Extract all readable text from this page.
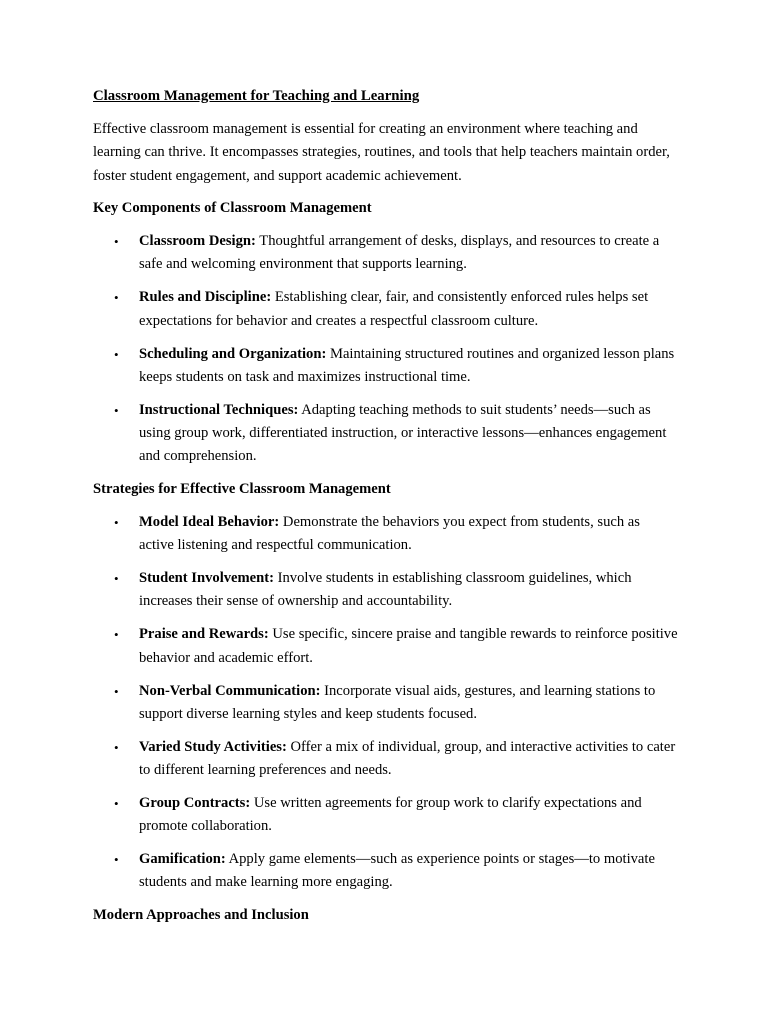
Classroom Management for Teaching and Learning

Effective classroom management is essential for creating an environment where teaching and learning can thrive. It encompasses strategies, routines, and tools that help teachers maintain order, foster student engagement, and support academic achievement.

Key Components of Classroom Management
• Classroom Design: Thoughtful arrangement of desks, displays, and resources to create a safe and welcoming environment that supports learning.
• Rules and Discipline: Establishing clear, fair, and consistently enforced rules helps set expectations for behavior and creates a respectful classroom culture.
• Scheduling and Organization: Maintaining structured routines and organized lesson plans keeps students on task and maximizes instructional time.
• Instructional Techniques: Adapting teaching methods to suit students’ needs—such as using group work, differentiated instruction, or interactive lessons—enhances engagement and comprehension.
Strategies for Effective Classroom Management
• Model Ideal Behavior: Demonstrate the behaviors you expect from students, such as active listening and respectful communication.
• Student Involvement: Involve students in establishing classroom guidelines, which increases their sense of ownership and accountability.
• Praise and Rewards: Use specific, sincere praise and tangible rewards to reinforce positive behavior and academic effort.
• Non-Verbal Communication: Incorporate visual aids, gestures, and learning stations to support diverse learning styles and keep students focused.
• Varied Study Activities: Offer a mix of individual, group, and interactive activities to cater to different learning preferences and needs.
• Group Contracts: Use written agreements for group work to clarify expectations and promote collaboration.
• Gamification: Apply game elements—such as experience points or stages—to motivate students and make learning more engaging.
Modern Approaches and Inclusion
